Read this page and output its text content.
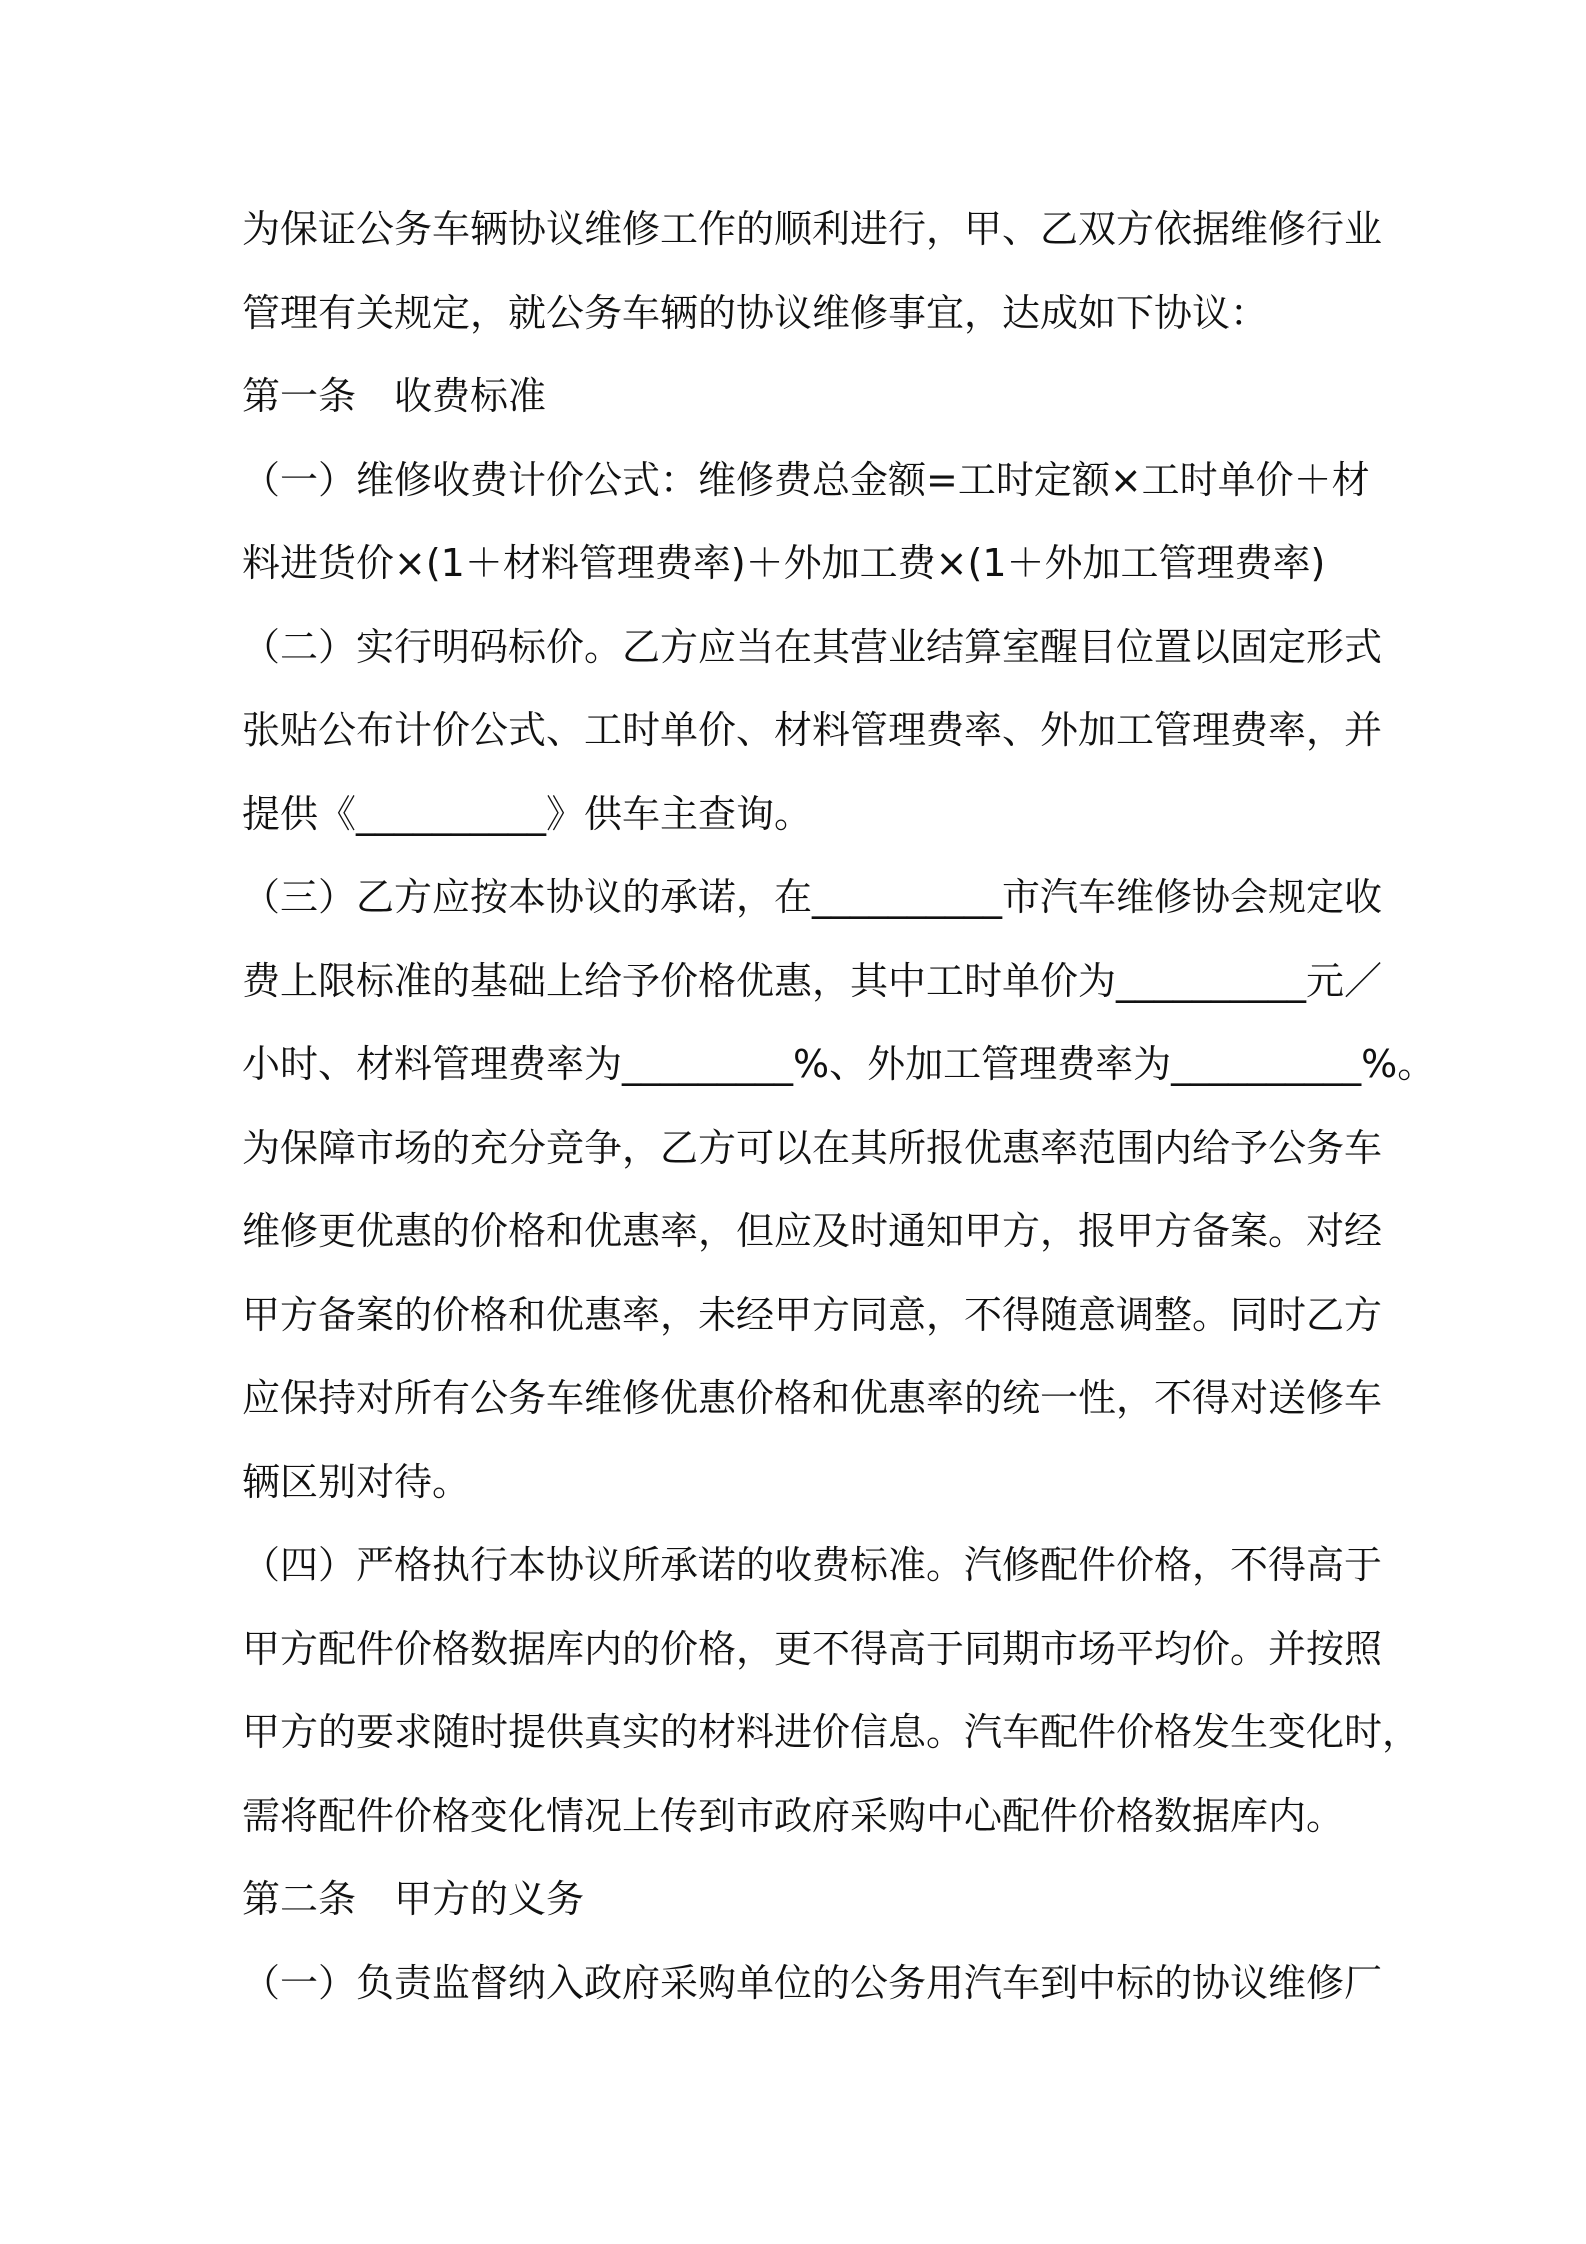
为保证公务车辆协议维修工作的顺利进行，甲、乙双方依据维修行业
管理有关规定，就公务车辆的协议维修事宜，达成如下协议：
第一条　收费标准
（一）维修收费计价公式：维修费总金额=工时定额×工时单价＋材
料进货价×(1＋材料管理费率)＋外加工费×(1＋外加工管理费率)
（二）实行明码标价。乙方应当在其营业结算室醒目位置以固定形式
张贴公布计价公式、工时单价、材料管理费率、外加工管理费率，并
提供《__________》供车主查询。
（三）乙方应按本协议的承诺，在__________市汽车维修协会规定收
费上限标准的基础上给予价格优惠，其中工时单价为__________元／
小时、材料管理费率为_________%、外加工管理费率为__________%。
为保障市场的充分竞争，乙方可以在其所报优惠率范围内给予公务车
维修更优惠的价格和优惠率，但应及时通知甲方，报甲方备案。对经
甲方备案的价格和优惠率，未经甲方同意，不得随意调整。同时乙方
应保持对所有公务车维修优惠价格和优惠率的统一性，不得对送修车
辆区别对待。
（四）严格执行本协议所承诺的收费标准。汽修配件价格，不得高于
甲方配件价格数据库内的价格，更不得高于同期市场平均价。并按照
甲方的要求随时提供真实的材料进价信息。汽车配件价格发生变化时，
需将配件价格变化情况上传到市政府采购中心配件价格数据库内。
第二条　甲方的义务
（一）负责监督纳入政府采购单位的公务用汽车到中标的协议维修厂
